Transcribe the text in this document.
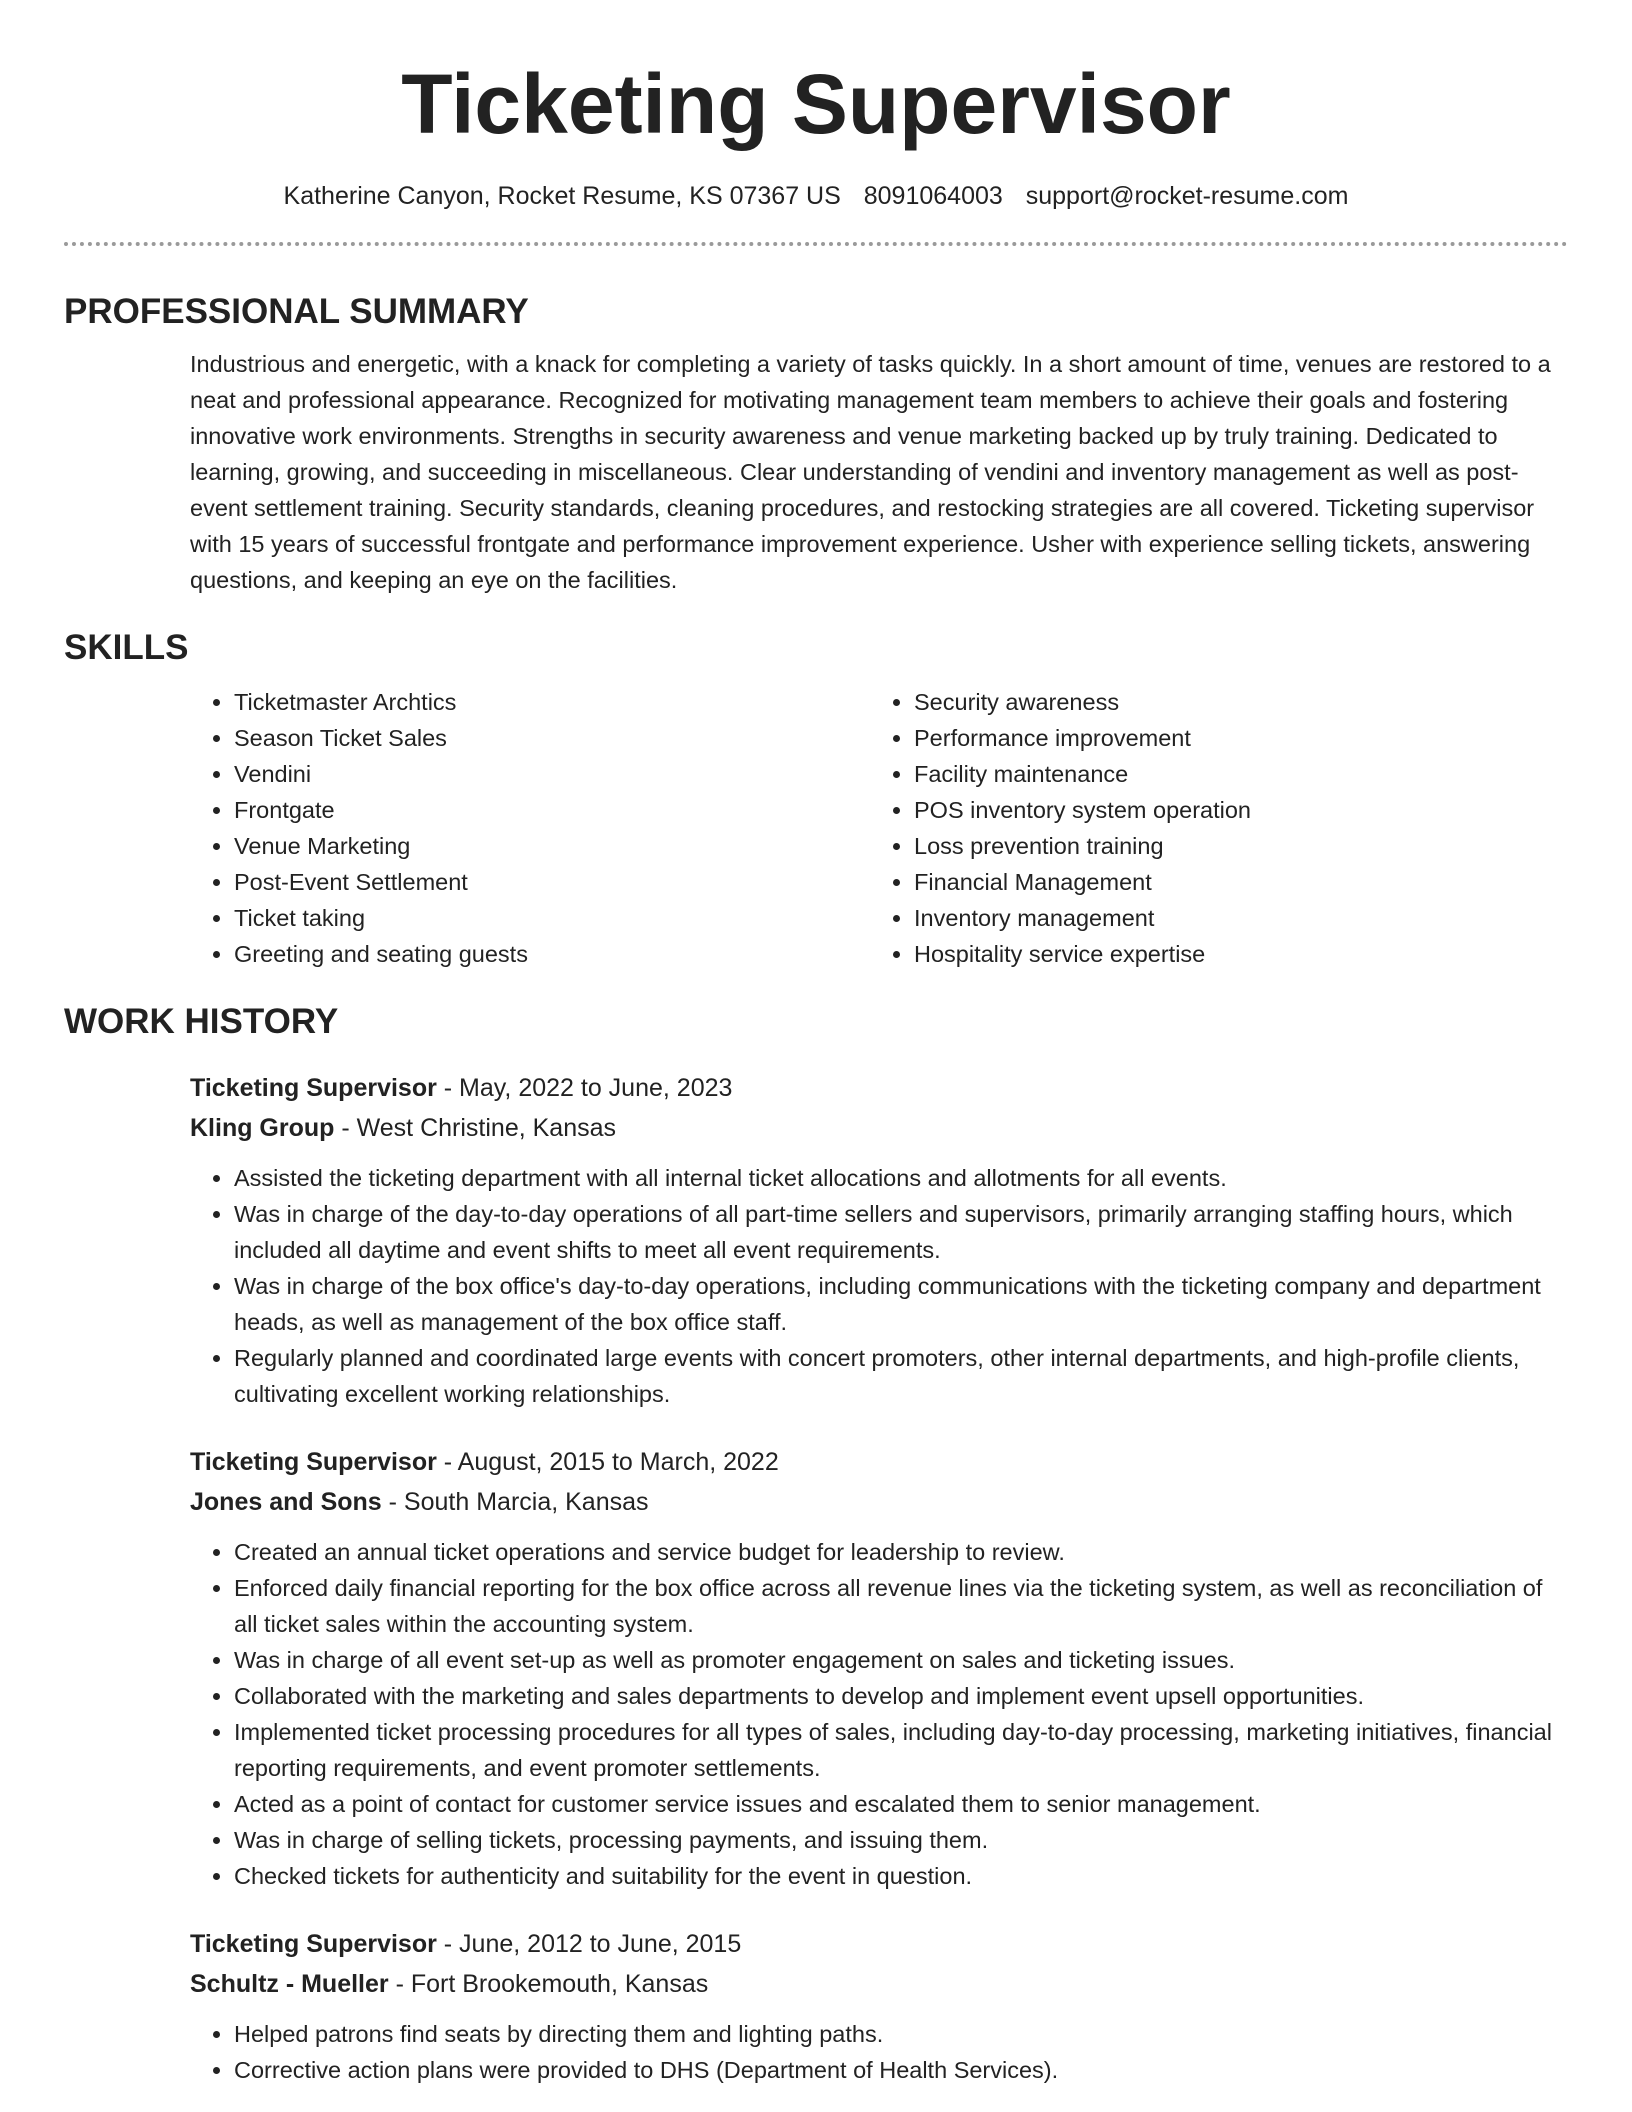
Ticketing Supervisor
Katherine Canyon, Rocket Resume, KS 07367 US 8091064003 support@rocket-resume.com
PROFESSIONAL SUMMARY

Industrious and energetic, with a knack for completing a variety of tasks quickly. In a short amount of time, venues are restored to a neat and professional appearance. Recognized for motivating management team members to achieve their goals and fostering innovative work environments. Strengths in security awareness and venue marketing backed up by truly training. Dedicated to learning, growing, and succeeding in miscellaneous. Clear understanding of vendini and inventory management as well as post-event settlement training. Security standards, cleaning procedures, and restocking strategies are all covered. Ticketing supervisor with 15 years of successful frontgate and performance improvement experience. Usher with experience selling tickets, answering questions, and keeping an eye on the facilities.

SKILLS
• Ticketmaster Archtics
• Season Ticket Sales
• Vendini
• Frontgate
• Venue Marketing
• Post-Event Settlement
• Ticket taking
• Greeting and seating guests
• Security awareness
• Performance improvement
• Facility maintenance
• POS inventory system operation
• Loss prevention training
• Financial Management
• Inventory management
• Hospitality service expertise
WORK HISTORY
Ticketing Supervisor - May, 2022 to June, 2023
Kling Group - West Christine, Kansas
• Assisted the ticketing department with all internal ticket allocations and allotments for all events.
• Was in charge of the day-to-day operations of all part-time sellers and supervisors, primarily arranging staffing hours, which included all daytime and event shifts to meet all event requirements.
• Was in charge of the box office's day-to-day operations, including communications with the ticketing company and department heads, as well as management of the box office staff.
• Regularly planned and coordinated large events with concert promoters, other internal departments, and high-profile clients, cultivating excellent working relationships.
Ticketing Supervisor - August, 2015 to March, 2022
Jones and Sons - South Marcia, Kansas
• Created an annual ticket operations and service budget for leadership to review.
• Enforced daily financial reporting for the box office across all revenue lines via the ticketing system, as well as reconciliation of all ticket sales within the accounting system.
• Was in charge of all event set-up as well as promoter engagement on sales and ticketing issues.
• Collaborated with the marketing and sales departments to develop and implement event upsell opportunities.
• Implemented ticket processing procedures for all types of sales, including day-to-day processing, marketing initiatives, financial reporting requirements, and event promoter settlements.
• Acted as a point of contact for customer service issues and escalated them to senior management.
• Was in charge of selling tickets, processing payments, and issuing them.
• Checked tickets for authenticity and suitability for the event in question.
Ticketing Supervisor - June, 2012 to June, 2015
Schultz - Mueller - Fort Brookemouth, Kansas
• Helped patrons find seats by directing them and lighting paths.
• Corrective action plans were provided to DHS (Department of Health Services).
